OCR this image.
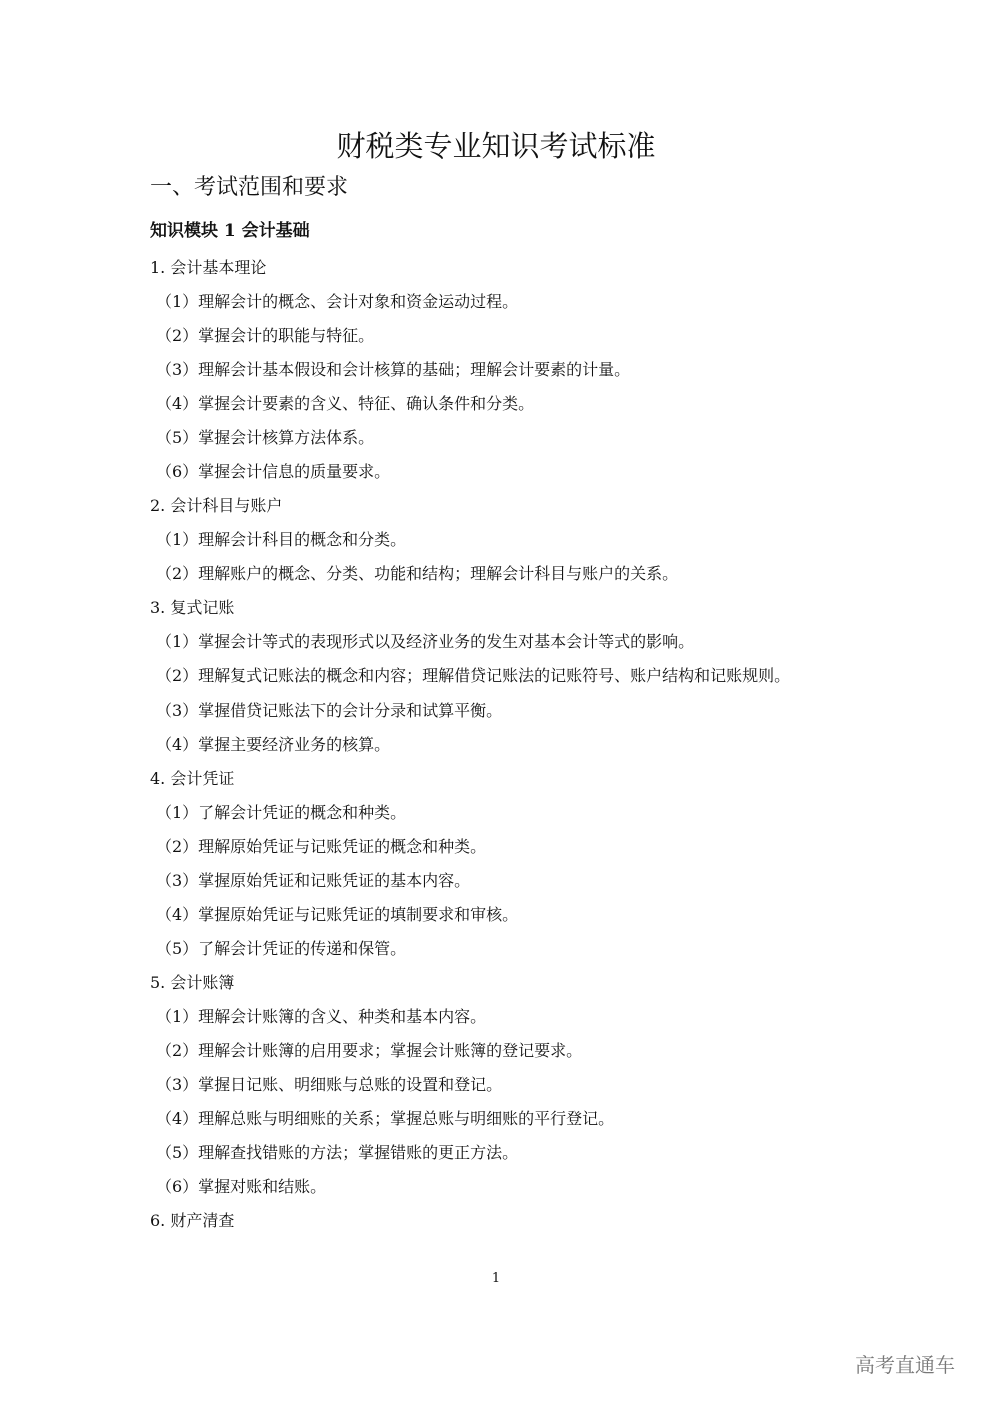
财税类专业知识考试标准
一、考试范围和要求
知识模块 1 会计基础
1. 会计基本理论
（1）理解会计的概念、会计对象和资金运动过程。
（2）掌握会计的职能与特征。
（3）理解会计基本假设和会计核算的基础；理解会计要素的计量。
（4）掌握会计要素的含义、特征、确认条件和分类。
（5）掌握会计核算方法体系。
（6）掌握会计信息的质量要求。
2. 会计科目与账户
（1）理解会计科目的概念和分类。
（2）理解账户的概念、分类、功能和结构；理解会计科目与账户的关系。
3. 复式记账
（1）掌握会计等式的表现形式以及经济业务的发生对基本会计等式的影响。
（2）理解复式记账法的概念和内容；理解借贷记账法的记账符号、账户结构和记账规则。
（3）掌握借贷记账法下的会计分录和试算平衡。
（4）掌握主要经济业务的核算。
4. 会计凭证
（1）了解会计凭证的概念和种类。
（2）理解原始凭证与记账凭证的概念和种类。
（3）掌握原始凭证和记账凭证的基本内容。
（4）掌握原始凭证与记账凭证的填制要求和审核。
（5）了解会计凭证的传递和保管。
5. 会计账簿
（1）理解会计账簿的含义、种类和基本内容。
（2）理解会计账簿的启用要求；掌握会计账簿的登记要求。
（3）掌握日记账、明细账与总账的设置和登记。
（4）理解总账与明细账的关系；掌握总账与明细账的平行登记。
（5）理解查找错账的方法；掌握错账的更正方法。
（6）掌握对账和结账。
6. 财产清查
1
高考直通车
